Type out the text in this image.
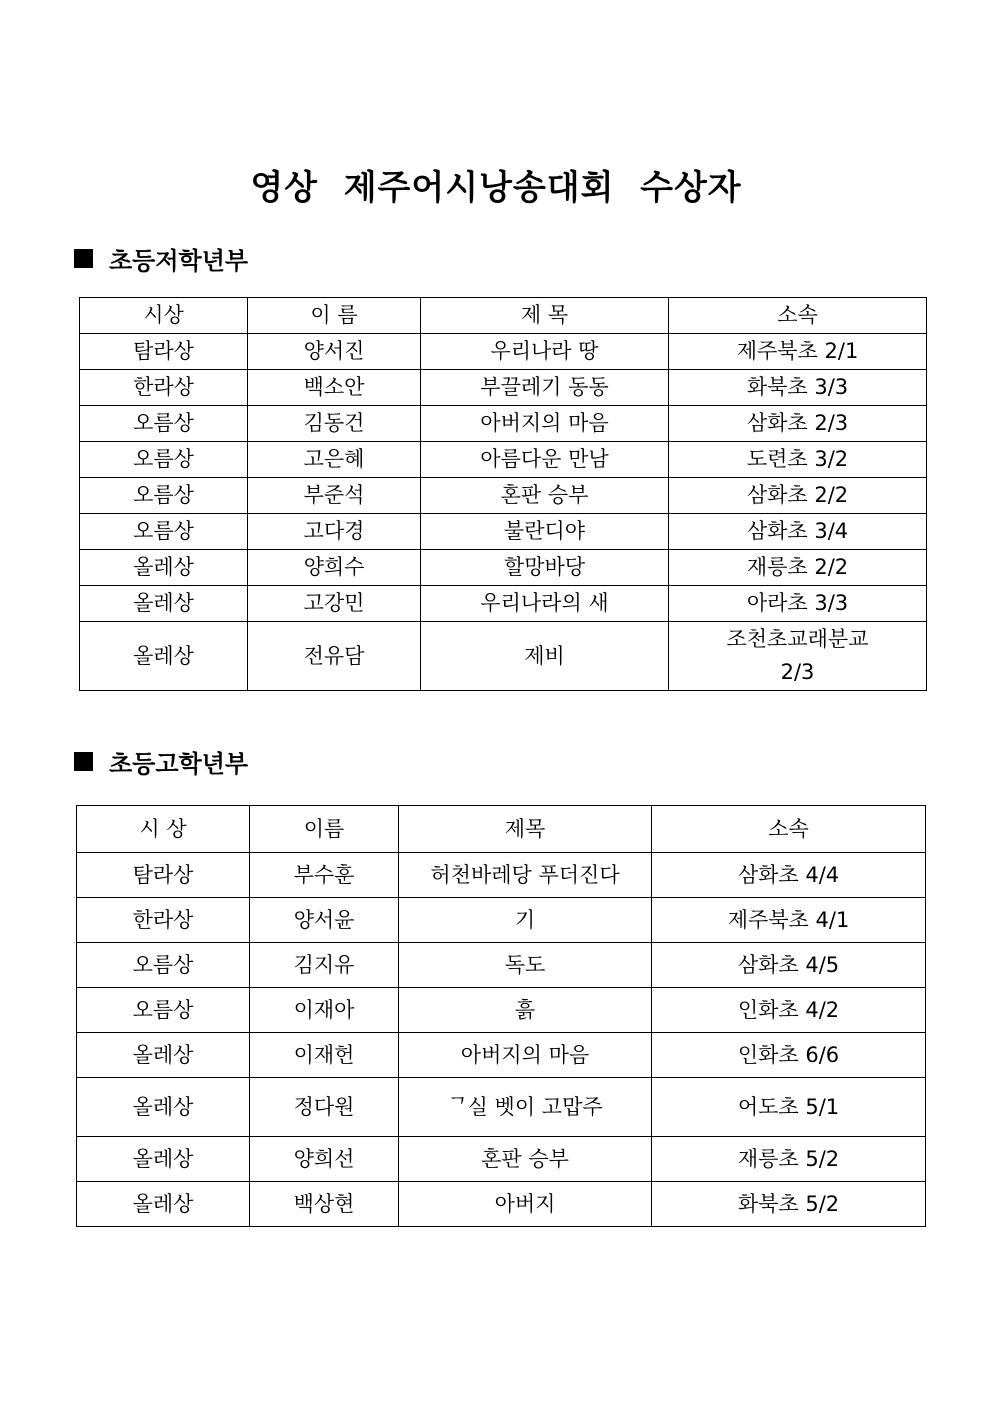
영상  제주어시낭송대회  수상자
초등저학년부
시상	이 름	제 목	소속
탐라상	양서진	우리나라 땅	제주북초 2/1
한라상	백소안	부끌레기 동동	화북초 3/3
오름상	김동건	아버지의 마음	삼화초 2/3
오름상	고은혜	아름다운 만남	도련초 3/2
오름상	부준석	혼판 승부	삼화초 2/2
오름상	고다경	불란디야	삼화초 3/4
올레상	양희수	할망바당	재릉초 2/2
올레상	고강민	우리나라의 새	아라초 3/3
올레상	전유담	제비	조천초교래분교
2/3
초등고학년부
시 상	이름	제목	소속
탐라상	부수훈	허천바레당 푸더진다	삼화초 4/4
한라상	양서윤	기	제주북초 4/1
오름상	김지유	독도	삼화초 4/5
오름상	이재아	흙	인화초 4/2
올레상	이재헌	아버지의 마음	인화초 6/6
올레상	정다원	ᄀ실 벳이 고맙주	어도초 5/1
올레상	양희선	혼판 승부	재릉초 5/2
올레상	백상현	아버지	화북초 5/2
